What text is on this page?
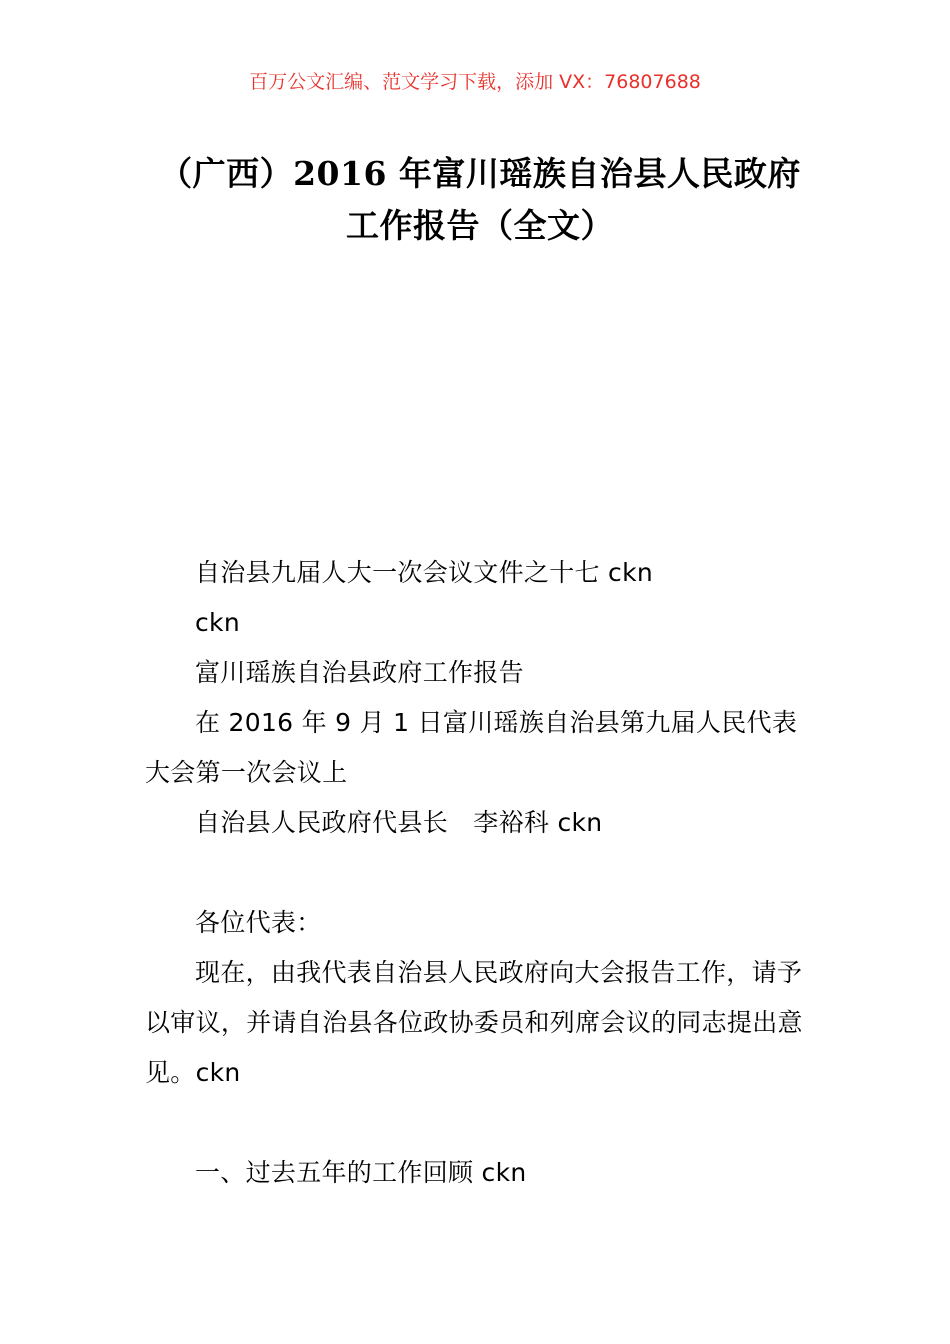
百万公文汇编、范文学习下载，添加 VX：76807688
（广西）2016 年富川瑶族自治县人民政府
工作报告（全文）

自治县九届人大一次会议文件之十七 ckn

ckn

富川瑶族自治县政府工作报告

在 2016 年 9 月 1 日富川瑶族自治县第九届人民代表大会第一次会议上

自治县人民政府代县长　李裕科 ckn

各位代表：

现在，由我代表自治县人民政府向大会报告工作，请予以审议，并请自治县各位政协委员和列席会议的同志提出意见。ckn

一、过去五年的工作回顾 ckn
